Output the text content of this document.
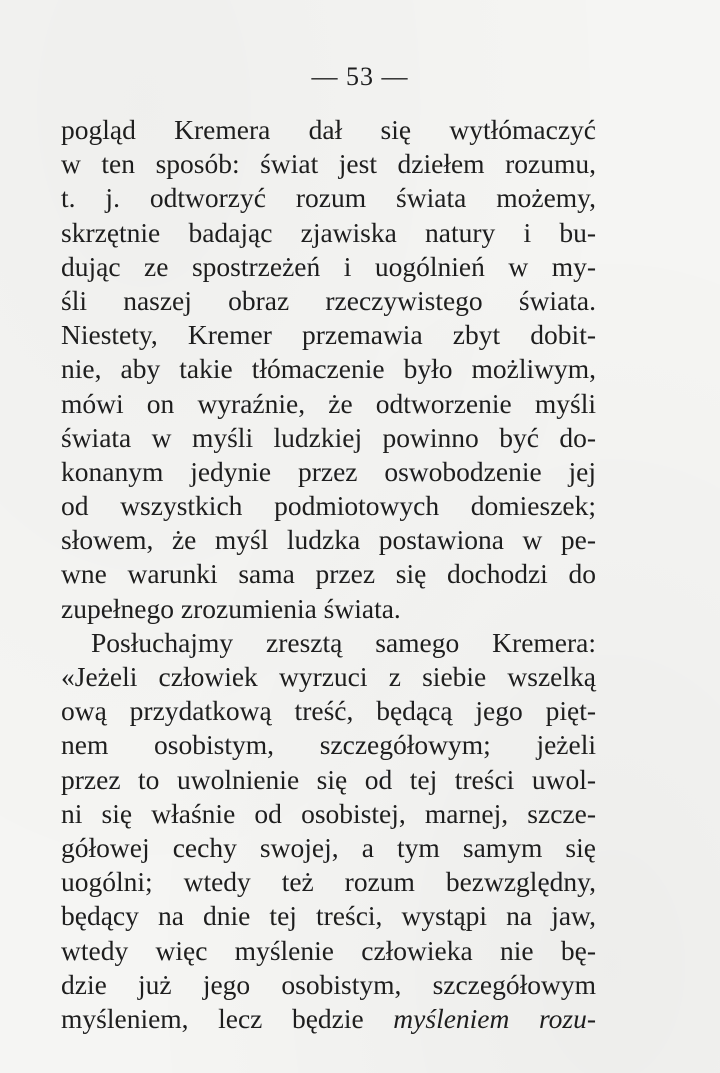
— 53 —
pogląd Kremera dał się wytłómaczyć
w ten sposób: świat jest dziełem rozumu,
t. j. odtworzyć rozum świata możemy,
skrzętnie badając zjawiska natury i bu-
dując ze spostrzeżeń i uogólnień w my-
śli naszej obraz rzeczywistego świata.
Niestety, Kremer przemawia zbyt dobit-
nie, aby takie tłómaczenie było możliwym,
mówi on wyraźnie, że odtworzenie myśli
świata w myśli ludzkiej powinno być do-
konanym jedynie przez oswobodzenie jej
od wszystkich podmiotowych domieszek;
słowem, że myśl ludzka postawiona w pe-
wne warunki sama przez się dochodzi do
zupełnego zrozumienia świata.
Posłuchajmy zresztą samego Kremera:
«Jeżeli człowiek wyrzuci z siebie wszelką
ową przydatkową treść, będącą jego pięt-
nem osobistym, szczegółowym; jeżeli
przez to uwolnienie się od tej treści uwol-
ni się właśnie od osobistej, marnej, szcze-
gółowej cechy swojej, a tym samym się
uogólni; wtedy też rozum bezwzględny,
będący na dnie tej treści, wystąpi na jaw,
wtedy więc myślenie człowieka nie bę-
dzie już jego osobistym, szczegółowym
myśleniem, lecz będzie myśleniem rozu-
